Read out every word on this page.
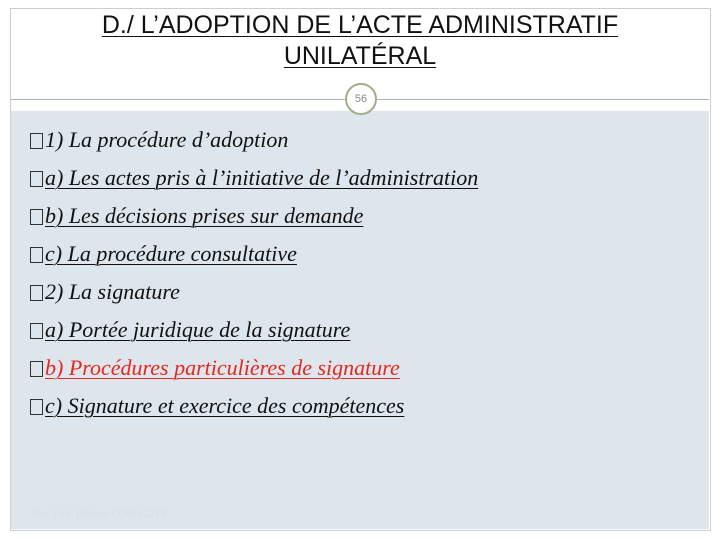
D./ L’ADOPTION DE L’ACTE ADMINISTRATIF
UNILATÉRAL
56
1) La procédure d’adoption
a) Les actes pris à l’initiative de l’administration
b) Les décisions prises sur demande
c) La procédure consultative
2) La signature
a) Portée juridique de la signature
b) Procédures particulières de signature
c) Signature et exercice des compétences
Doc. Prof. Philippe COSSALTER
